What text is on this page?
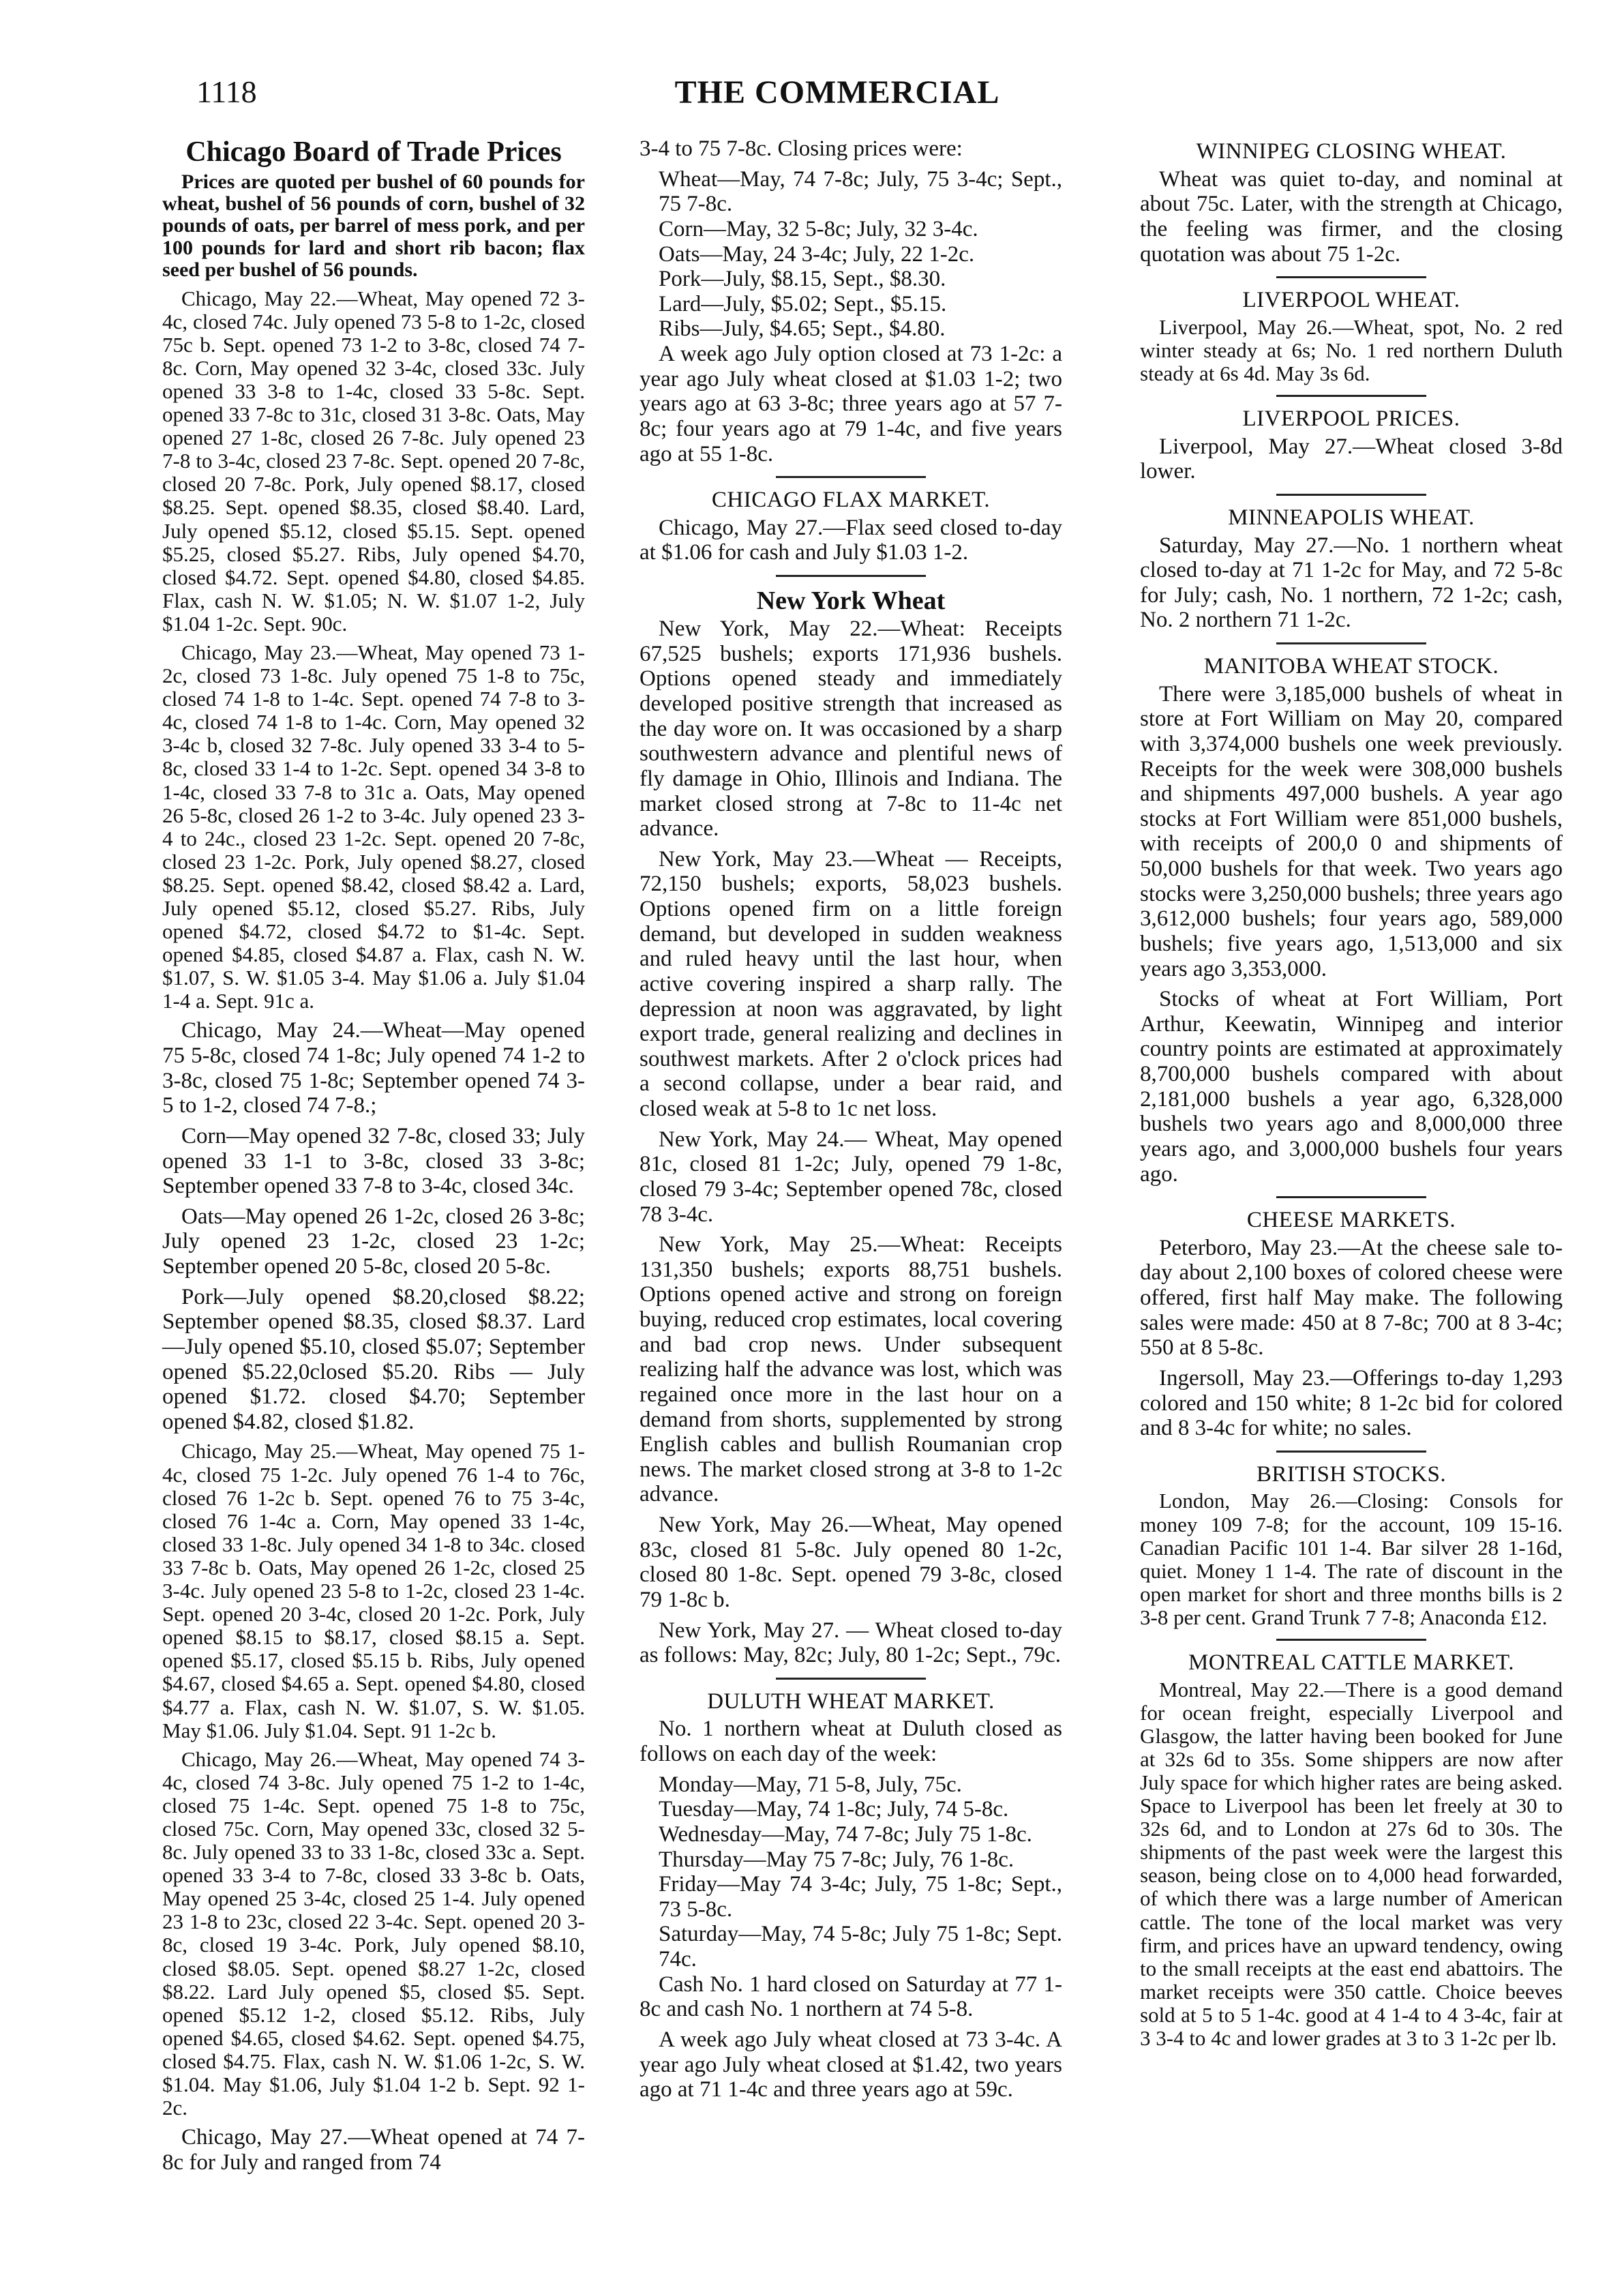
1118	THE COMMERCIAL
Chicago Board of Trade Prices

Prices are quoted per bushel of 60 pounds for wheat, bushel of 56 pounds of corn, bushel of 32 pounds of oats, per barrel of mess pork, and per 100 pounds for lard and short rib bacon; flax seed per bushel of 56 pounds.

Chicago, May 22.—Wheat, May opened 72 3-4c, closed 74c. July opened 73 5-8 to 1-2c, closed 75c b. Sept. opened 73 1-2 to 3-8c, closed 74 7-8c. Corn, May opened 32 3-4c, closed 33c. July opened 33 3-8 to 1-4c, closed 33 5-8c. Sept. opened 33 7-8c to 31c, closed 31 3-8c. Oats, May opened 27 1-8c, closed 26 7-8c. July opened 23 7-8 to 3-4c, closed 23 7-8c. Sept. opened 20 7-8c, closed 20 7-8c. Pork, July opened $8.17, closed $8.25. Sept. opened $8.35, closed $8.40. Lard, July opened $5.12, closed $5.15. Sept. opened $5.25, closed $5.27. Ribs, July opened $4.70, closed $4.72. Sept. opened $4.80, closed $4.85. Flax, cash N. W. $1.05; N. W. $1.07 1-2, July $1.04 1-2c. Sept. 90c.

Chicago, May 23.—Wheat, May opened 73 1-2c, closed 73 1-8c. July opened 75 1-8 to 75c, closed 74 1-8 to 1-4c. Sept. opened 74 7-8 to 3-4c, closed 74 1-8 to 1-4c. Corn, May opened 32 3-4c b, closed 32 7-8c. July opened 33 3-4 to 5-8c, closed 33 1-4 to 1-2c. Sept. opened 34 3-8 to 1-4c, closed 33 7-8 to 31c a. Oats, May opened 26 5-8c, closed 26 1-2 to 3-4c. July opened 23 3-4 to 24c., closed 23 1-2c. Sept. opened 20 7-8c, closed 23 1-2c. Pork, July opened $8.27, closed $8.25. Sept. opened $8.42, closed $8.42 a. Lard, July opened $5.12, closed $5.27. Ribs, July opened $4.72, closed $4.72 to $1-4c. Sept. opened $4.85, closed $4.87 a. Flax, cash N. W. $1.07, S. W. $1.05 3-4. May $1.06 a. July $1.04 1-4 a. Sept. 91c a.

Chicago, May 24.—Wheat—May opened 75 5-8c, closed 74 1-8c; July opened 74 1-2 to 3-8c, closed 75 1-8c; September opened 74 3-5 to 1-2, closed 74 7-8.;

Corn—May opened 32 7-8c, closed 33; July opened 33 1-1 to 3-8c, closed 33 3-8c; September opened 33 7-8 to 3-4c, closed 34c.

Oats—May opened 26 1-2c, closed 26 3-8c; July opened 23 1-2c, closed 23 1-2c; September opened 20 5-8c, closed 20 5-8c.

Pork—July opened $8.20,closed $8.22; September opened $8.35, closed $8.37. Lard—July opened $5.10, closed $5.07; September opened $5.22,0closed $5.20. Ribs — July opened $1.72. closed $4.70; September opened $4.82, closed $1.82.

Chicago, May 25.—Wheat, May opened 75 1-4c, closed 75 1-2c. July opened 76 1-4 to 76c, closed 76 1-2c b. Sept. opened 76 to 75 3-4c, closed 76 1-4c a. Corn, May opened 33 1-4c, closed 33 1-8c. July opened 34 1-8 to 34c. closed 33 7-8c b. Oats, May opened 26 1-2c, closed 25 3-4c. July opened 23 5-8 to 1-2c, closed 23 1-4c. Sept. opened 20 3-4c, closed 20 1-2c. Pork, July opened $8.15 to $8.17, closed $8.15 a. Sept. opened $5.17, closed $5.15 b. Ribs, July opened $4.67, closed $4.65 a. Sept. opened $4.80, closed $4.77 a. Flax, cash N. W. $1.07, S. W. $1.05. May $1.06. July $1.04. Sept. 91 1-2c b.

Chicago, May 26.—Wheat, May opened 74 3-4c, closed 74 3-8c. July opened 75 1-2 to 1-4c, closed 75 1-4c. Sept. opened 75 1-8 to 75c, closed 75c. Corn, May opened 33c, closed 32 5-8c. July opened 33 to 33 1-8c, closed 33c a. Sept. opened 33 3-4 to 7-8c, closed 33 3-8c b. Oats, May opened 25 3-4c, closed 25 1-4. July opened 23 1-8 to 23c, closed 22 3-4c. Sept. opened 20 3-8c, closed 19 3-4c. Pork, July opened $8.10, closed $8.05. Sept. opened $8.27 1-2c, closed $8.22. Lard July opened $5, closed $5. Sept. opened $5.12 1-2, closed $5.12. Ribs, July opened $4.65, closed $4.62. Sept. opened $4.75, closed $4.75. Flax, cash N. W. $1.06 1-2c, S. W. $1.04. May $1.06, July $1.04 1-2 b. Sept. 92 1-2c.

Chicago, May 27.—Wheat opened at 74 7-8c for July and ranged from 74

3-4 to 75 7-8c. Closing prices were:

Wheat—May, 74 7-8c; July, 75 3-4c; Sept., 75 7-8c.

Corn—May, 32 5-8c; July, 32 3-4c.

Oats—May, 24 3-4c; July, 22 1-2c.

Pork—July, $8.15, Sept., $8.30.

Lard—July, $5.02; Sept., $5.15.

Ribs—July, $4.65; Sept., $4.80.

A week ago July option closed at 73 1-2c: a year ago July wheat closed at $1.03 1-2; two years ago at 63 3-8c; three years ago at 57 7-8c; four years ago at 79 1-4c, and five years ago at 55 1-8c.

CHICAGO FLAX MARKET.

Chicago, May 27.—Flax seed closed to-day at $1.06 for cash and July $1.03 1-2.

New York Wheat

New York, May 22.—Wheat: Receipts 67,525 bushels; exports 171,936 bushels. Options opened steady and immediately developed positive strength that increased as the day wore on. It was occasioned by a sharp southwestern advance and plentiful news of fly damage in Ohio, Illinois and Indiana. The market closed strong at 7-8c to 11-4c net advance.

New York, May 23.—Wheat — Receipts, 72,150 bushels; exports, 58,023 bushels. Options opened firm on a little foreign demand, but developed in sudden weakness and ruled heavy until the last hour, when active covering inspired a sharp rally. The depression at noon was aggravated, by light export trade, general realizing and declines in southwest markets. After 2 o'clock prices had a second collapse, under a bear raid, and closed weak at 5-8 to 1c net loss.

New York, May 24.— Wheat, May opened 81c, closed 81 1-2c; July, opened 79 1-8c, closed 79 3-4c; September opened 78c, closed 78 3-4c.

New York, May 25.—Wheat: Receipts 131,350 bushels; exports 88,751 bushels. Options opened active and strong on foreign buying, reduced crop estimates, local covering and bad crop news. Under subsequent realizing half the advance was lost, which was regained once more in the last hour on a demand from shorts, supplemented by strong English cables and bullish Roumanian crop news. The market closed strong at 3-8 to 1-2c advance.

New York, May 26.—Wheat, May opened 83c, closed 81 5-8c. July opened 80 1-2c, closed 80 1-8c. Sept. opened 79 3-8c, closed 79 1-8c b.

New York, May 27. — Wheat closed to-day as follows: May, 82c; July, 80 1-2c; Sept., 79c.

DULUTH WHEAT MARKET.

No. 1 northern wheat at Duluth closed as follows on each day of the week:

Monday—May, 71 5-8, July, 75c.

Tuesday—May, 74 1-8c; July, 74 5-8c.

Wednesday—May, 74 7-8c; July 75 1-8c.

Thursday—May 75 7-8c; July, 76 1-8c.

Friday—May 74 3-4c; July, 75 1-8c; Sept., 73 5-8c.

Saturday—May, 74 5-8c; July 75 1-8c; Sept. 74c.

Cash No. 1 hard closed on Saturday at 77 1-8c and cash No. 1 northern at 74 5-8.

A week ago July wheat closed at 73 3-4c. A year ago July wheat closed at $1.42, two years ago at 71 1-4c and three years ago at 59c.

WINNIPEG CLOSING WHEAT.

Wheat was quiet to-day, and nominal at about 75c. Later, with the strength at Chicago, the feeling was firmer, and the closing quotation was about 75 1-2c.

LIVERPOOL WHEAT.

Liverpool, May 26.—Wheat, spot, No. 2 red winter steady at 6s; No. 1 red northern Duluth steady at 6s 4d. May 3s 6d.

LIVERPOOL PRICES.

Liverpool, May 27.—Wheat closed 3-8d lower.

MINNEAPOLIS WHEAT.

Saturday, May 27.—No. 1 northern wheat closed to-day at 71 1-2c for May, and 72 5-8c for July; cash, No. 1 northern, 72 1-2c; cash, No. 2 northern 71 1-2c.

MANITOBA WHEAT STOCK.

There were 3,185,000 bushels of wheat in store at Fort William on May 20, compared with 3,374,000 bushels one week previously. Receipts for the week were 308,000 bushels and shipments 497,000 bushels. A year ago stocks at Fort William were 851,000 bushels, with receipts of 200,0 0 and shipments of 50,000 bushels for that week. Two years ago stocks were 3,250,000 bushels; three years ago 3,612,000 bushels; four years ago, 589,000 bushels; five years ago, 1,513,000 and six years ago 3,353,000.

Stocks of wheat at Fort William, Port Arthur, Keewatin, Winnipeg and interior country points are estimated at approximately 8,700,000 bushels compared with about 2,181,000 bushels a year ago, 6,328,000 bushels two years ago and 8,000,000 three years ago, and 3,000,000 bushels four years ago.

CHEESE MARKETS.

Peterboro, May 23.—At the cheese sale to-day about 2,100 boxes of colored cheese were offered, first half May make. The following sales were made: 450 at 8 7-8c; 700 at 8 3-4c; 550 at 8 5-8c.

Ingersoll, May 23.—Offerings to-day 1,293 colored and 150 white; 8 1-2c bid for colored and 8 3-4c for white; no sales.

BRITISH STOCKS.

London, May 26.—Closing: Consols for money 109 7-8; for the account, 109 15-16. Canadian Pacific 101 1-4. Bar silver 28 1-16d, quiet. Money 1 1-4. The rate of discount in the open market for short and three months bills is 2 3-8 per cent. Grand Trunk 7 7-8; Anaconda £12.

MONTREAL CATTLE MARKET.

Montreal, May 22.—There is a good demand for ocean freight, especially Liverpool and Glasgow, the latter having been booked for June at 32s 6d to 35s. Some shippers are now after July space for which higher rates are being asked. Space to Liverpool has been let freely at 30 to 32s 6d, and to London at 27s 6d to 30s. The shipments of the past week were the largest this season, being close on to 4,000 head forwarded, of which there was a large number of American cattle. The tone of the local market was very firm, and prices have an upward tendency, owing to the small receipts at the east end abattoirs. The market receipts were 350 cattle. Choice beeves sold at 5 to 5 1-4c. good at 4 1-4 to 4 3-4c, fair at 3 3-4 to 4c and lower grades at 3 to 3 1-2c per lb.
